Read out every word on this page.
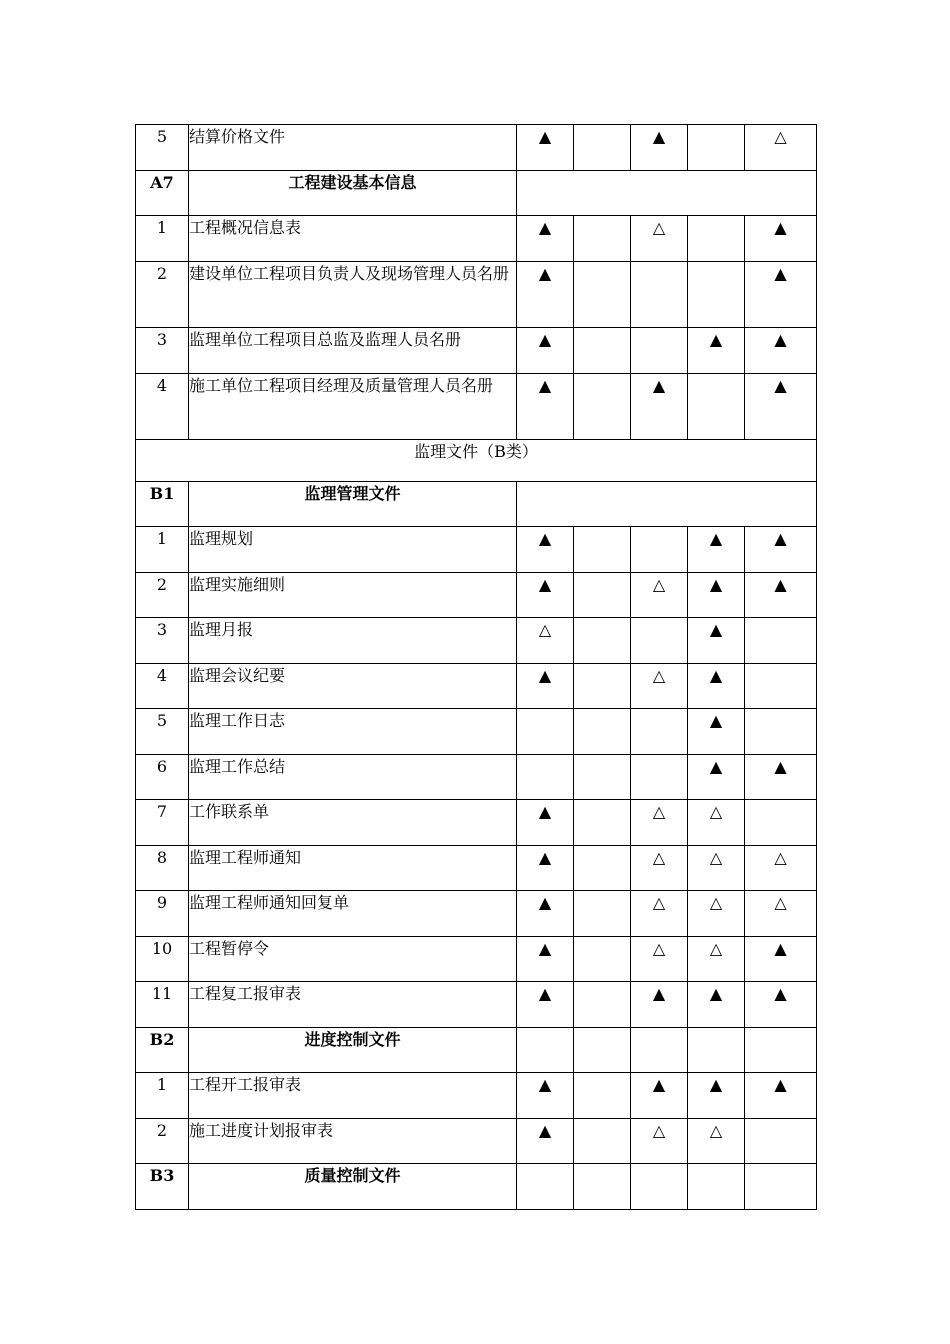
5	结算价格文件	▲		▲		△
A7	工程建设基本信息					
1	工程概况信息表	▲		△		▲
2	建设单位工程项目负责人及现场管理人员名册	▲				▲
3	监理单位工程项目总监及监理人员名册	▲			▲	▲
4	施工单位工程项目经理及质量管理人员名册	▲		▲		▲
监理文件（B类）						
B1	监理管理文件					
1	监理规划	▲			▲	▲
2	监理实施细则	▲		△	▲	▲
3	监理月报	△			▲	
4	监理会议纪要	▲		△	▲	
5	监理工作日志				▲	
6	监理工作总结				▲	▲
7	工作联系单	▲		△	△	
8	监理工程师通知	▲		△	△	△
9	监理工程师通知回复单	▲		△	△	△
10	工程暂停令	▲		△	△	▲
11	工程复工报审表	▲		▲	▲	▲
B2	进度控制文件					
1	工程开工报审表	▲		▲	▲	▲
2	施工进度计划报审表	▲		△	△	
B3	质量控制文件					
